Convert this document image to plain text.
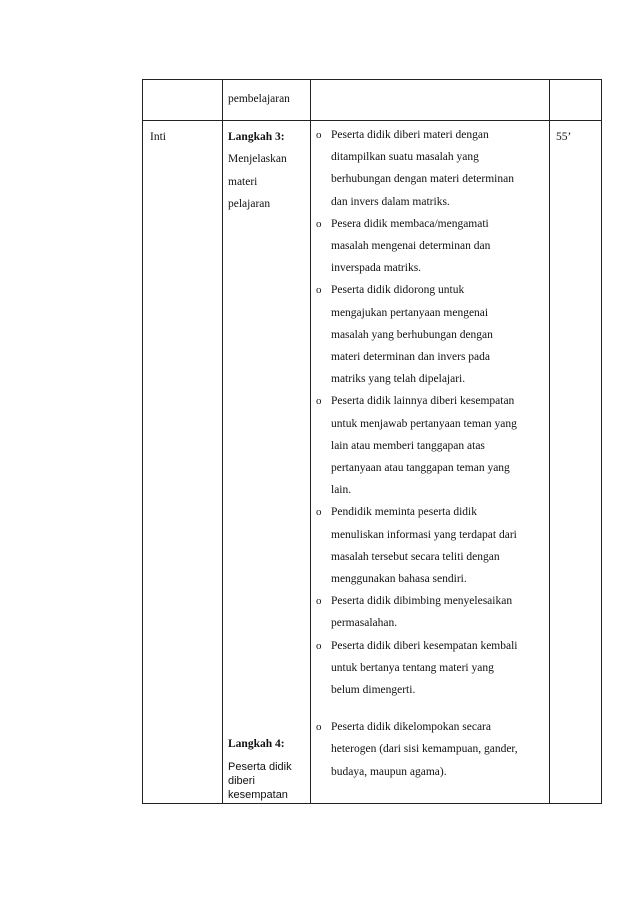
pembelajaran
Inti	55’
Langkah 3:
Menjelaskan
materi
pelajaran
Langkah 4:
Peserta didik
diberi
kesempatan
o Peserta didik diberi materi dengan
ditampilkan suatu masalah yang
berhubungan dengan materi determinan
dan invers dalam matriks.
o Pesera didik membaca/mengamati
masalah mengenai determinan dan
inverspada matriks.
o Peserta didik didorong untuk
mengajukan pertanyaan mengenai
masalah yang berhubungan dengan
materi determinan dan invers pada
matriks yang telah dipelajari.
o Peserta didik lainnya diberi kesempatan
untuk menjawab pertanyaan teman yang
lain atau memberi tanggapan atas
pertanyaan atau tanggapan teman yang
lain.
o Pendidik meminta peserta didik
menuliskan informasi yang terdapat dari
masalah tersebut secara teliti dengan
menggunakan bahasa sendiri.
o Peserta didik dibimbing menyelesaikan
permasalahan.
o Peserta didik diberi kesempatan kembali
untuk bertanya tentang materi yang
belum dimengerti.
o Peserta didik dikelompokan secara
heterogen (dari sisi kemampuan, gander,
budaya, maupun agama).
